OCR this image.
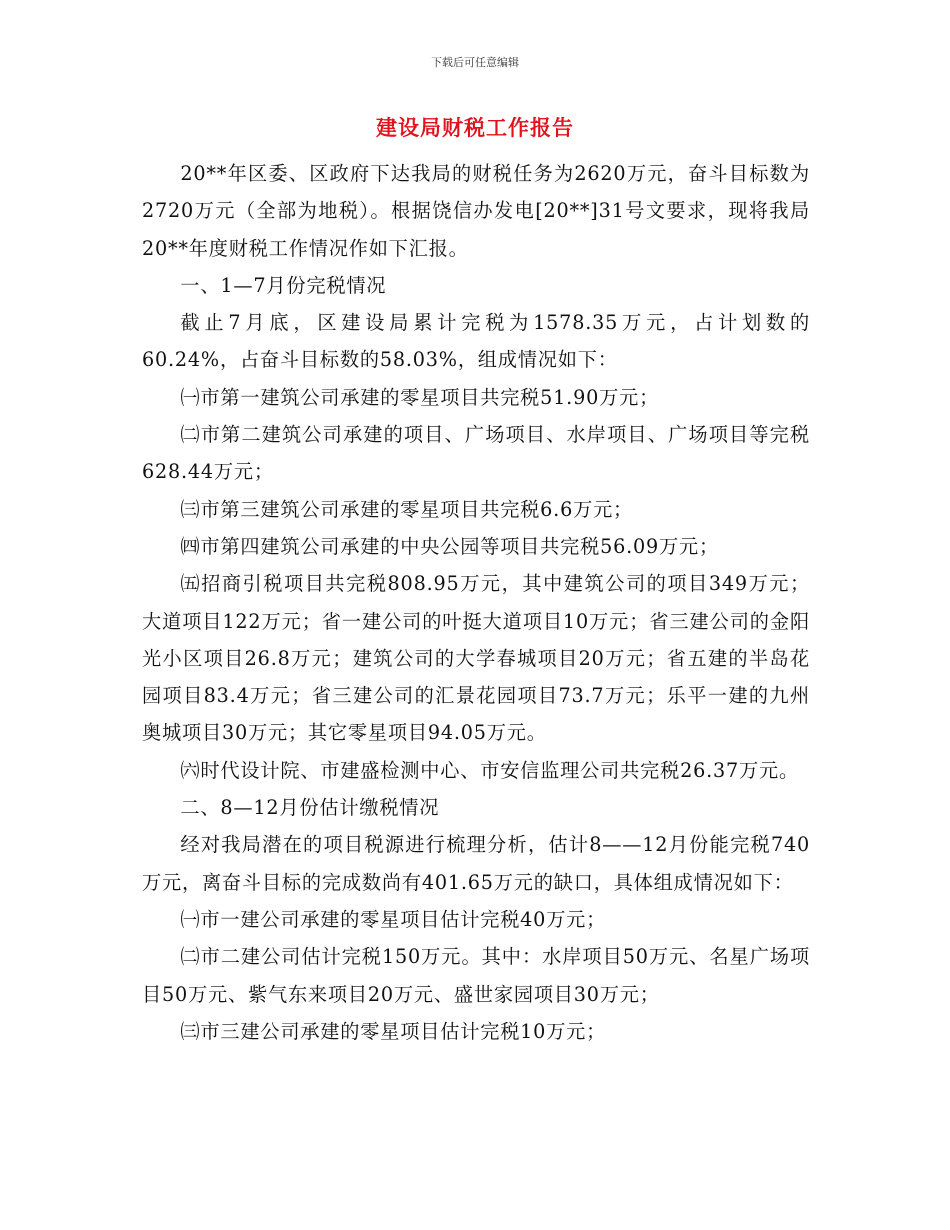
下载后可任意编辑
建设局财税工作报告

20**年区委、区政府下达我局的财税任务为2620万元，奋斗目标数为2720万元（全部为地税）。根据饶信办发电[20**]31号文要求，现将我局20**年度财税工作情况作如下汇报。

一、1—7月份完税情况

截止7月底，区建设局累计完税为1578.35万元，占计划数的60.24%，占奋斗目标数的58.03%，组成情况如下：

㈠市第一建筑公司承建的零星项目共完税51.90万元；

㈡市第二建筑公司承建的项目、广场项目、水岸项目、广场项目等完税628.44万元；

㈢市第三建筑公司承建的零星项目共完税6.6万元；

㈣市第四建筑公司承建的中央公园等项目共完税56.09万元；

㈤招商引税项目共完税808.95万元，其中建筑公司的项目349万元；大道项目122万元；省一建公司的叶挺大道项目10万元；省三建公司的金阳光小区项目26.8万元；建筑公司的大学春城项目20万元；省五建的半岛花园项目83.4万元；省三建公司的汇景花园项目73.7万元；乐平一建的九州奥城项目30万元；其它零星项目94.05万元。

㈥时代设计院、市建盛检测中心、市安信监理公司共完税26.37万元。

二、8—12月份估计缴税情况

经对我局潜在的项目税源进行梳理分析，估计8——12月份能完税740万元，离奋斗目标的完成数尚有401.65万元的缺口，具体组成情况如下：

㈠市一建公司承建的零星项目估计完税40万元；

㈡市二建公司估计完税150万元。其中：水岸项目50万元、名星广场项目50万元、紫气东来项目20万元、盛世家园项目30万元；

㈢市三建公司承建的零星项目估计完税10万元；
